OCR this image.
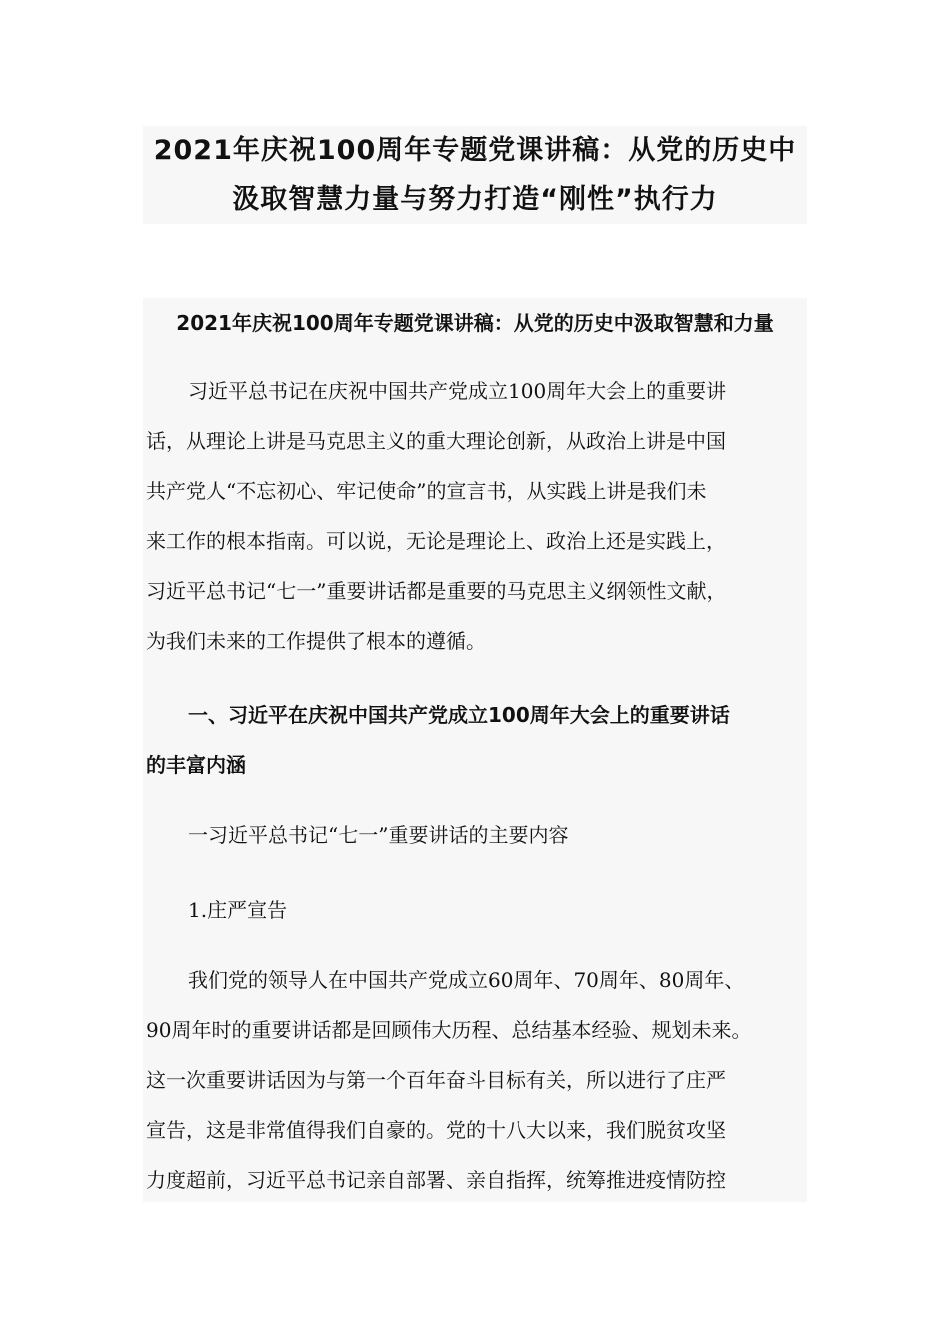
2021年庆祝100周年专题党课讲稿：从党的历史中
汲取智慧力量与努力打造“刚性”执行力
2021年庆祝100周年专题党课讲稿：从党的历史中汲取智慧和力量
习近平总书记在庆祝中国共产党成立100周年大会上的重要讲
话，从理论上讲是马克思主义的重大理论创新，从政治上讲是中国
共产党人“不忘初心、牢记使命”的宣言书，从实践上讲是我们未
来工作的根本指南。可以说，无论是理论上、政治上还是实践上，
习近平总书记“七一”重要讲话都是重要的马克思主义纲领性文献，
为我们未来的工作提供了根本的遵循。
一、习近平在庆祝中国共产党成立100周年大会上的重要讲话
的丰富内涵
一习近平总书记“七一”重要讲话的主要内容
1.庄严宣告
我们党的领导人在中国共产党成立60周年、70周年、80周年、
90周年时的重要讲话都是回顾伟大历程、总结基本经验、规划未来。
这一次重要讲话因为与第一个百年奋斗目标有关，所以进行了庄严
宣告，这是非常值得我们自豪的。党的十八大以来，我们脱贫攻坚
力度超前，习近平总书记亲自部署、亲自指挥，统筹推进疫情防控
